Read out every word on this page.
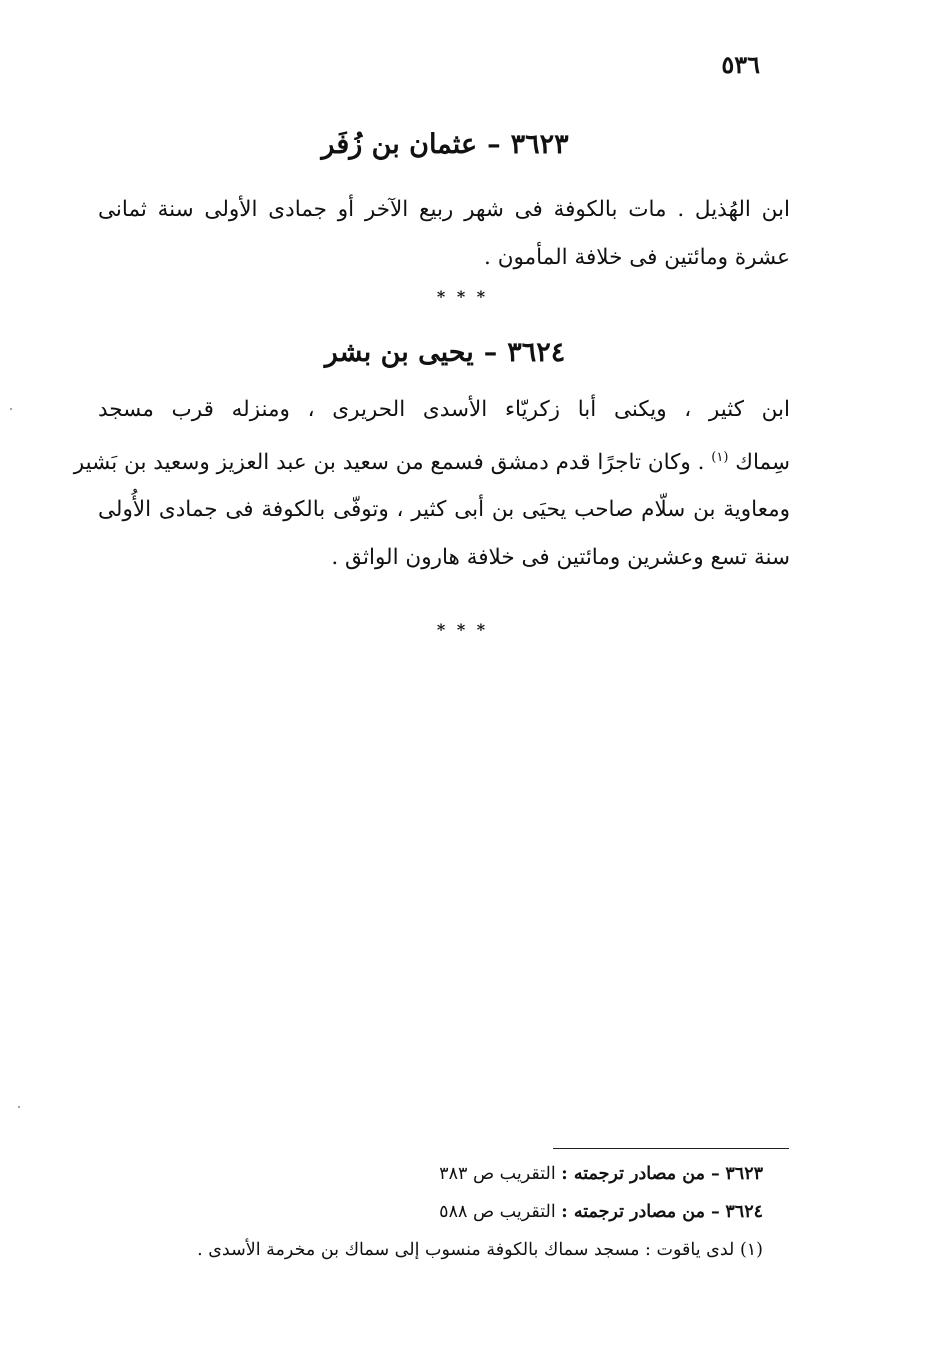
٥٣٦
٣٦٢٣–عثمان بن زُفَر
ابن الهُذيل . مات بالكوفة فى شهر ربيع الآخر أو جمادى الأولى سنة ثمانى
عشرة ومائتين فى خلافة المأمون .
* * *
٣٦٢٤–يحيى بن بشر
ابن كثير ، ويكنى أبا زكريّاء الأسدى الحريرى ، ومنزله قرب مسجد
سِماك $^{(١)}$ . وكان تاجرًا قدم دمشق فسمع من سعيد بن عبد العزيز وسعيد بن بَشير
ومعاوية بن سلّام صاحب يحيَى بن أبى كثير ، وتوفّى بالكوفة فى جمادى الأُولى
سنة تسع وعشرين ومائتين فى خلافة هارون الواثق .
* * *
٣٦٢٣ – من مصادر ترجمته : التقريب ص ٣٨٣
٣٦٢٤ – من مصادر ترجمته : التقريب ص ٥٨٨
(١) لدى ياقوت : مسجد سماك بالكوفة منسوب إلى سماك بن مخرمة الأسدى .
